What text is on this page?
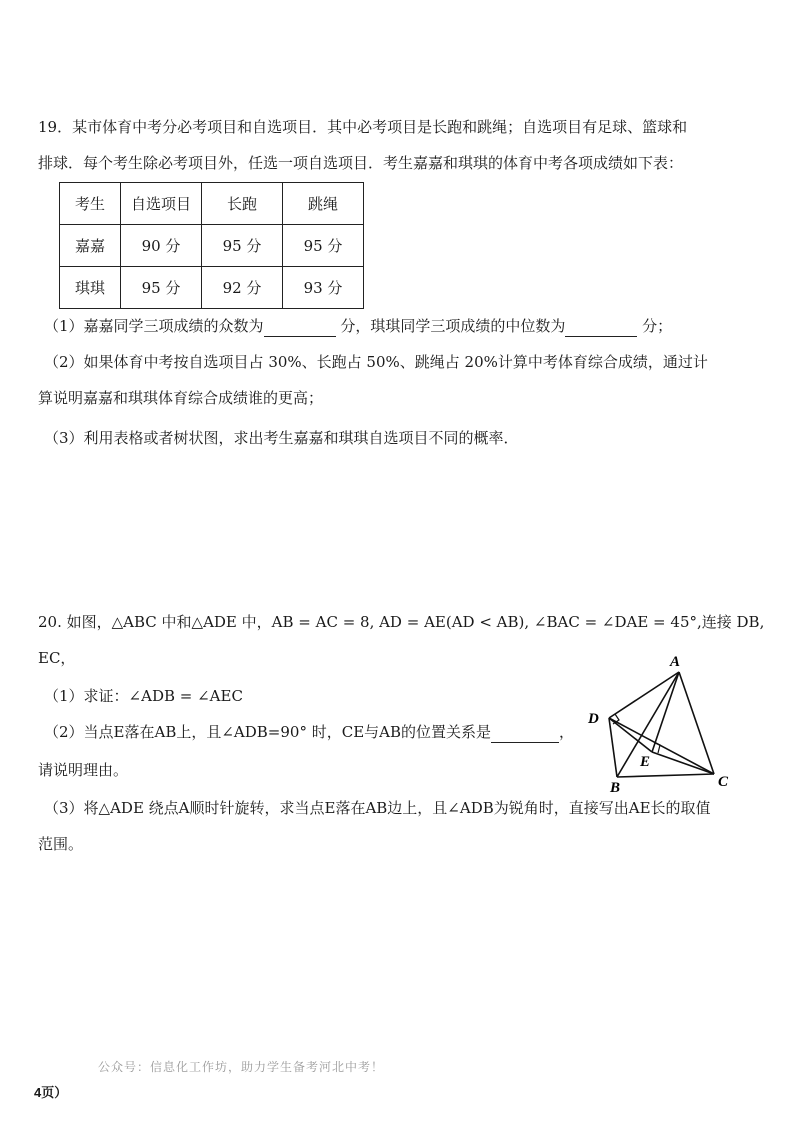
19．某市体育中考分必考项目和自选项目．其中必考项目是长跑和跳绳；自选项目有足球、篮球和
排球．每个考生除必考项目外，任选一项自选项目．考生嘉嘉和琪琪的体育中考各项成绩如下表：
考生	自选项目	长跑	跳绳
嘉嘉	90 分	95 分	95 分
琪琪	95 分	92 分	93 分
（1）嘉嘉同学三项成绩的众数为	分，琪琪同学三项成绩的中位数为	分；
（2）如果体育中考按自选项目占 30%、长跑占 50%、跳绳占 20%计算中考体育综合成绩，通过计
算说明嘉嘉和琪琪体育综合成绩谁的更高；
（3）利用表格或者树状图，求出考生嘉嘉和琪琪自选项目不同的概率．
20. 如图，△ABC 中和△ADE 中，AB = AC = 8, AD = AE(AD < AB), ∠BAC = ∠DAE = 45°,连接 DB,
EC，
（1）求证：∠ADB = ∠AEC
（2）当点E落在AB上，且∠ADB=90° 时，CE与AB的位置关系是	，
请说明理由。
（3）将△ADE 绕点A顺时针旋转，求当点E落在AB边上，且∠ADB为锐角时，直接写出AE长的取值
范围。
A
D
E
B	C
公众号：信息化工作坊，助力学生备考河北中考！
4页）
